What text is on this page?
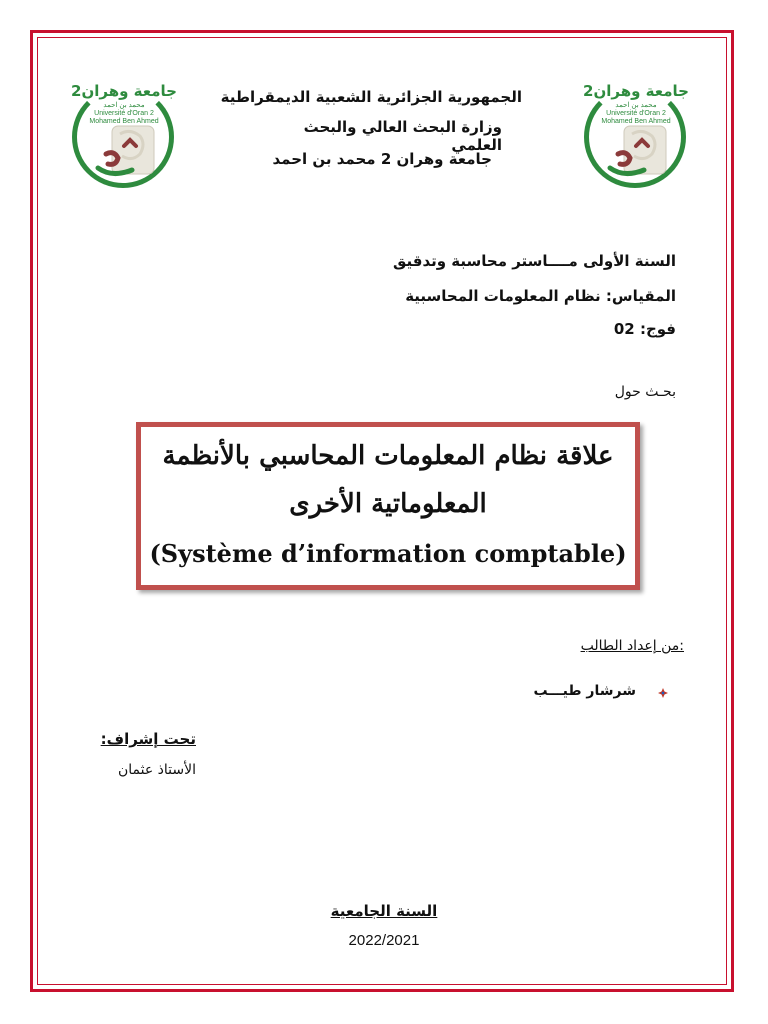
جامعة وهران2
محمد بن احمد
Université d'Oran 2
Mohamed Ben Ahmed
جامعة وهران2
محمد بن احمد
Université d'Oran 2
Mohamed Ben Ahmed
الجمهورية الجزائرية الشعبية الديمقراطية
وزارة البحث العالي والبحث العلمي
جامعة وهران 2 محمد بن احمد
السنة الأولى مــــاستر محاسبة وتدقيق
المقياس: نظام المعلومات المحاسبية
فوج: 02
بحـث حول
علاقة نظام المعلومات المحاسبي بالأنظمة
المعلوماتية الأخرى
(Système d’information comptable)
:من إعداد الطالب
شرشار طيـــب
تحت إشراف:
الأستاذ عثمان
السنة الجامعية
2022/2021
